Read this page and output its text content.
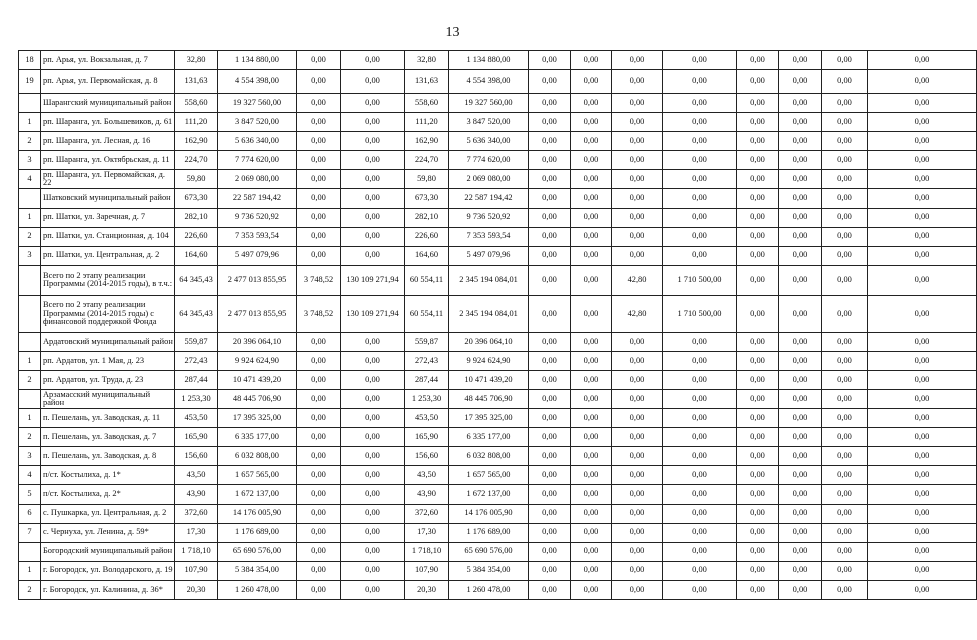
13
18	рп. Арья, ул. Вокзальная, д. 7	32,80	1 134 880,00	0,00	0,00	32,80	1 134 880,00	0,00	0,00	0,00	0,00	0,00	0,00	0,00	0,00
19	рп. Арья, ул. Первомайская, д. 8	131,63	4 554 398,00	0,00	0,00	131,63	4 554 398,00	0,00	0,00	0,00	0,00	0,00	0,00	0,00	0,00
	Шарангский муниципальный район	558,60	19 327 560,00	0,00	0,00	558,60	19 327 560,00	0,00	0,00	0,00	0,00	0,00	0,00	0,00	0,00
1	рп. Шаранга, ул. Большевиков, д. 61	111,20	3 847 520,00	0,00	0,00	111,20	3 847 520,00	0,00	0,00	0,00	0,00	0,00	0,00	0,00	0,00
2	рп. Шаранга, ул. Лесная, д. 16	162,90	5 636 340,00	0,00	0,00	162,90	5 636 340,00	0,00	0,00	0,00	0,00	0,00	0,00	0,00	0,00
3	рп. Шаранга, ул. Октябрьская, д. 11	224,70	7 774 620,00	0,00	0,00	224,70	7 774 620,00	0,00	0,00	0,00	0,00	0,00	0,00	0,00	0,00
4	рп. Шаранга, ул. Первомайская, д. 22	59,80	2 069 080,00	0,00	0,00	59,80	2 069 080,00	0,00	0,00	0,00	0,00	0,00	0,00	0,00	0,00
	Шатковский муниципальный район	673,30	22 587 194,42	0,00	0,00	673,30	22 587 194,42	0,00	0,00	0,00	0,00	0,00	0,00	0,00	0,00
1	рп. Шатки, ул. Заречная, д. 7	282,10	9 736 520,92	0,00	0,00	282,10	9 736 520,92	0,00	0,00	0,00	0,00	0,00	0,00	0,00	0,00
2	рп. Шатки, ул. Станционная, д. 104	226,60	7 353 593,54	0,00	0,00	226,60	7 353 593,54	0,00	0,00	0,00	0,00	0,00	0,00	0,00	0,00
3	рп. Шатки, ул. Центральная, д. 2	164,60	5 497 079,96	0,00	0,00	164,60	5 497 079,96	0,00	0,00	0,00	0,00	0,00	0,00	0,00	0,00
	Всего по 2 этапу реализации Программы (2014-2015 годы), в т.ч.:	64 345,43	2 477 013 855,95	3 748,52	130 109 271,94	60 554,11	2 345 194 084,01	0,00	0,00	42,80	1 710 500,00	0,00	0,00	0,00	0,00
	Всего по 2 этапу реализации Программы (2014-2015 годы) с финансовой поддержкой Фонда	64 345,43	2 477 013 855,95	3 748,52	130 109 271,94	60 554,11	2 345 194 084,01	0,00	0,00	42,80	1 710 500,00	0,00	0,00	0,00	0,00
	Ардатовский муниципальный район	559,87	20 396 064,10	0,00	0,00	559,87	20 396 064,10	0,00	0,00	0,00	0,00	0,00	0,00	0,00	0,00
1	рп. Ардатов, ул. 1 Мая, д. 23	272,43	9 924 624,90	0,00	0,00	272,43	9 924 624,90	0,00	0,00	0,00	0,00	0,00	0,00	0,00	0,00
2	рп. Ардатов, ул. Труда, д. 23	287,44	10 471 439,20	0,00	0,00	287,44	10 471 439,20	0,00	0,00	0,00	0,00	0,00	0,00	0,00	0,00
	Арзамасский муниципальный район	1 253,30	48 445 706,90	0,00	0,00	1 253,30	48 445 706,90	0,00	0,00	0,00	0,00	0,00	0,00	0,00	0,00
1	п. Пешелань, ул. Заводская, д. 11	453,50	17 395 325,00	0,00	0,00	453,50	17 395 325,00	0,00	0,00	0,00	0,00	0,00	0,00	0,00	0,00
2	п. Пешелань, ул. Заводская, д. 7	165,90	6 335 177,00	0,00	0,00	165,90	6 335 177,00	0,00	0,00	0,00	0,00	0,00	0,00	0,00	0,00
3	п. Пешелань, ул. Заводская, д. 8	156,60	6 032 808,00	0,00	0,00	156,60	6 032 808,00	0,00	0,00	0,00	0,00	0,00	0,00	0,00	0,00
4	п/ст. Костылиха, д. 1*	43,50	1 657 565,00	0,00	0,00	43,50	1 657 565,00	0,00	0,00	0,00	0,00	0,00	0,00	0,00	0,00
5	п/ст. Костылиха, д. 2*	43,90	1 672 137,00	0,00	0,00	43,90	1 672 137,00	0,00	0,00	0,00	0,00	0,00	0,00	0,00	0,00
6	с. Пушкарка, ул. Центральная, д. 2	372,60	14 176 005,90	0,00	0,00	372,60	14 176 005,90	0,00	0,00	0,00	0,00	0,00	0,00	0,00	0,00
7	с. Чернуха, ул. Ленина, д. 59*	17,30	1 176 689,00	0,00	0,00	17,30	1 176 689,00	0,00	0,00	0,00	0,00	0,00	0,00	0,00	0,00
	Богородский муниципальный район	1 718,10	65 690 576,00	0,00	0,00	1 718,10	65 690 576,00	0,00	0,00	0,00	0,00	0,00	0,00	0,00	0,00
1	г. Богородск, ул. Володарского, д. 19	107,90	5 384 354,00	0,00	0,00	107,90	5 384 354,00	0,00	0,00	0,00	0,00	0,00	0,00	0,00	0,00
2	г. Богородск, ул. Калинина, д. 36*	20,30	1 260 478,00	0,00	0,00	20,30	1 260 478,00	0,00	0,00	0,00	0,00	0,00	0,00	0,00	0,00
